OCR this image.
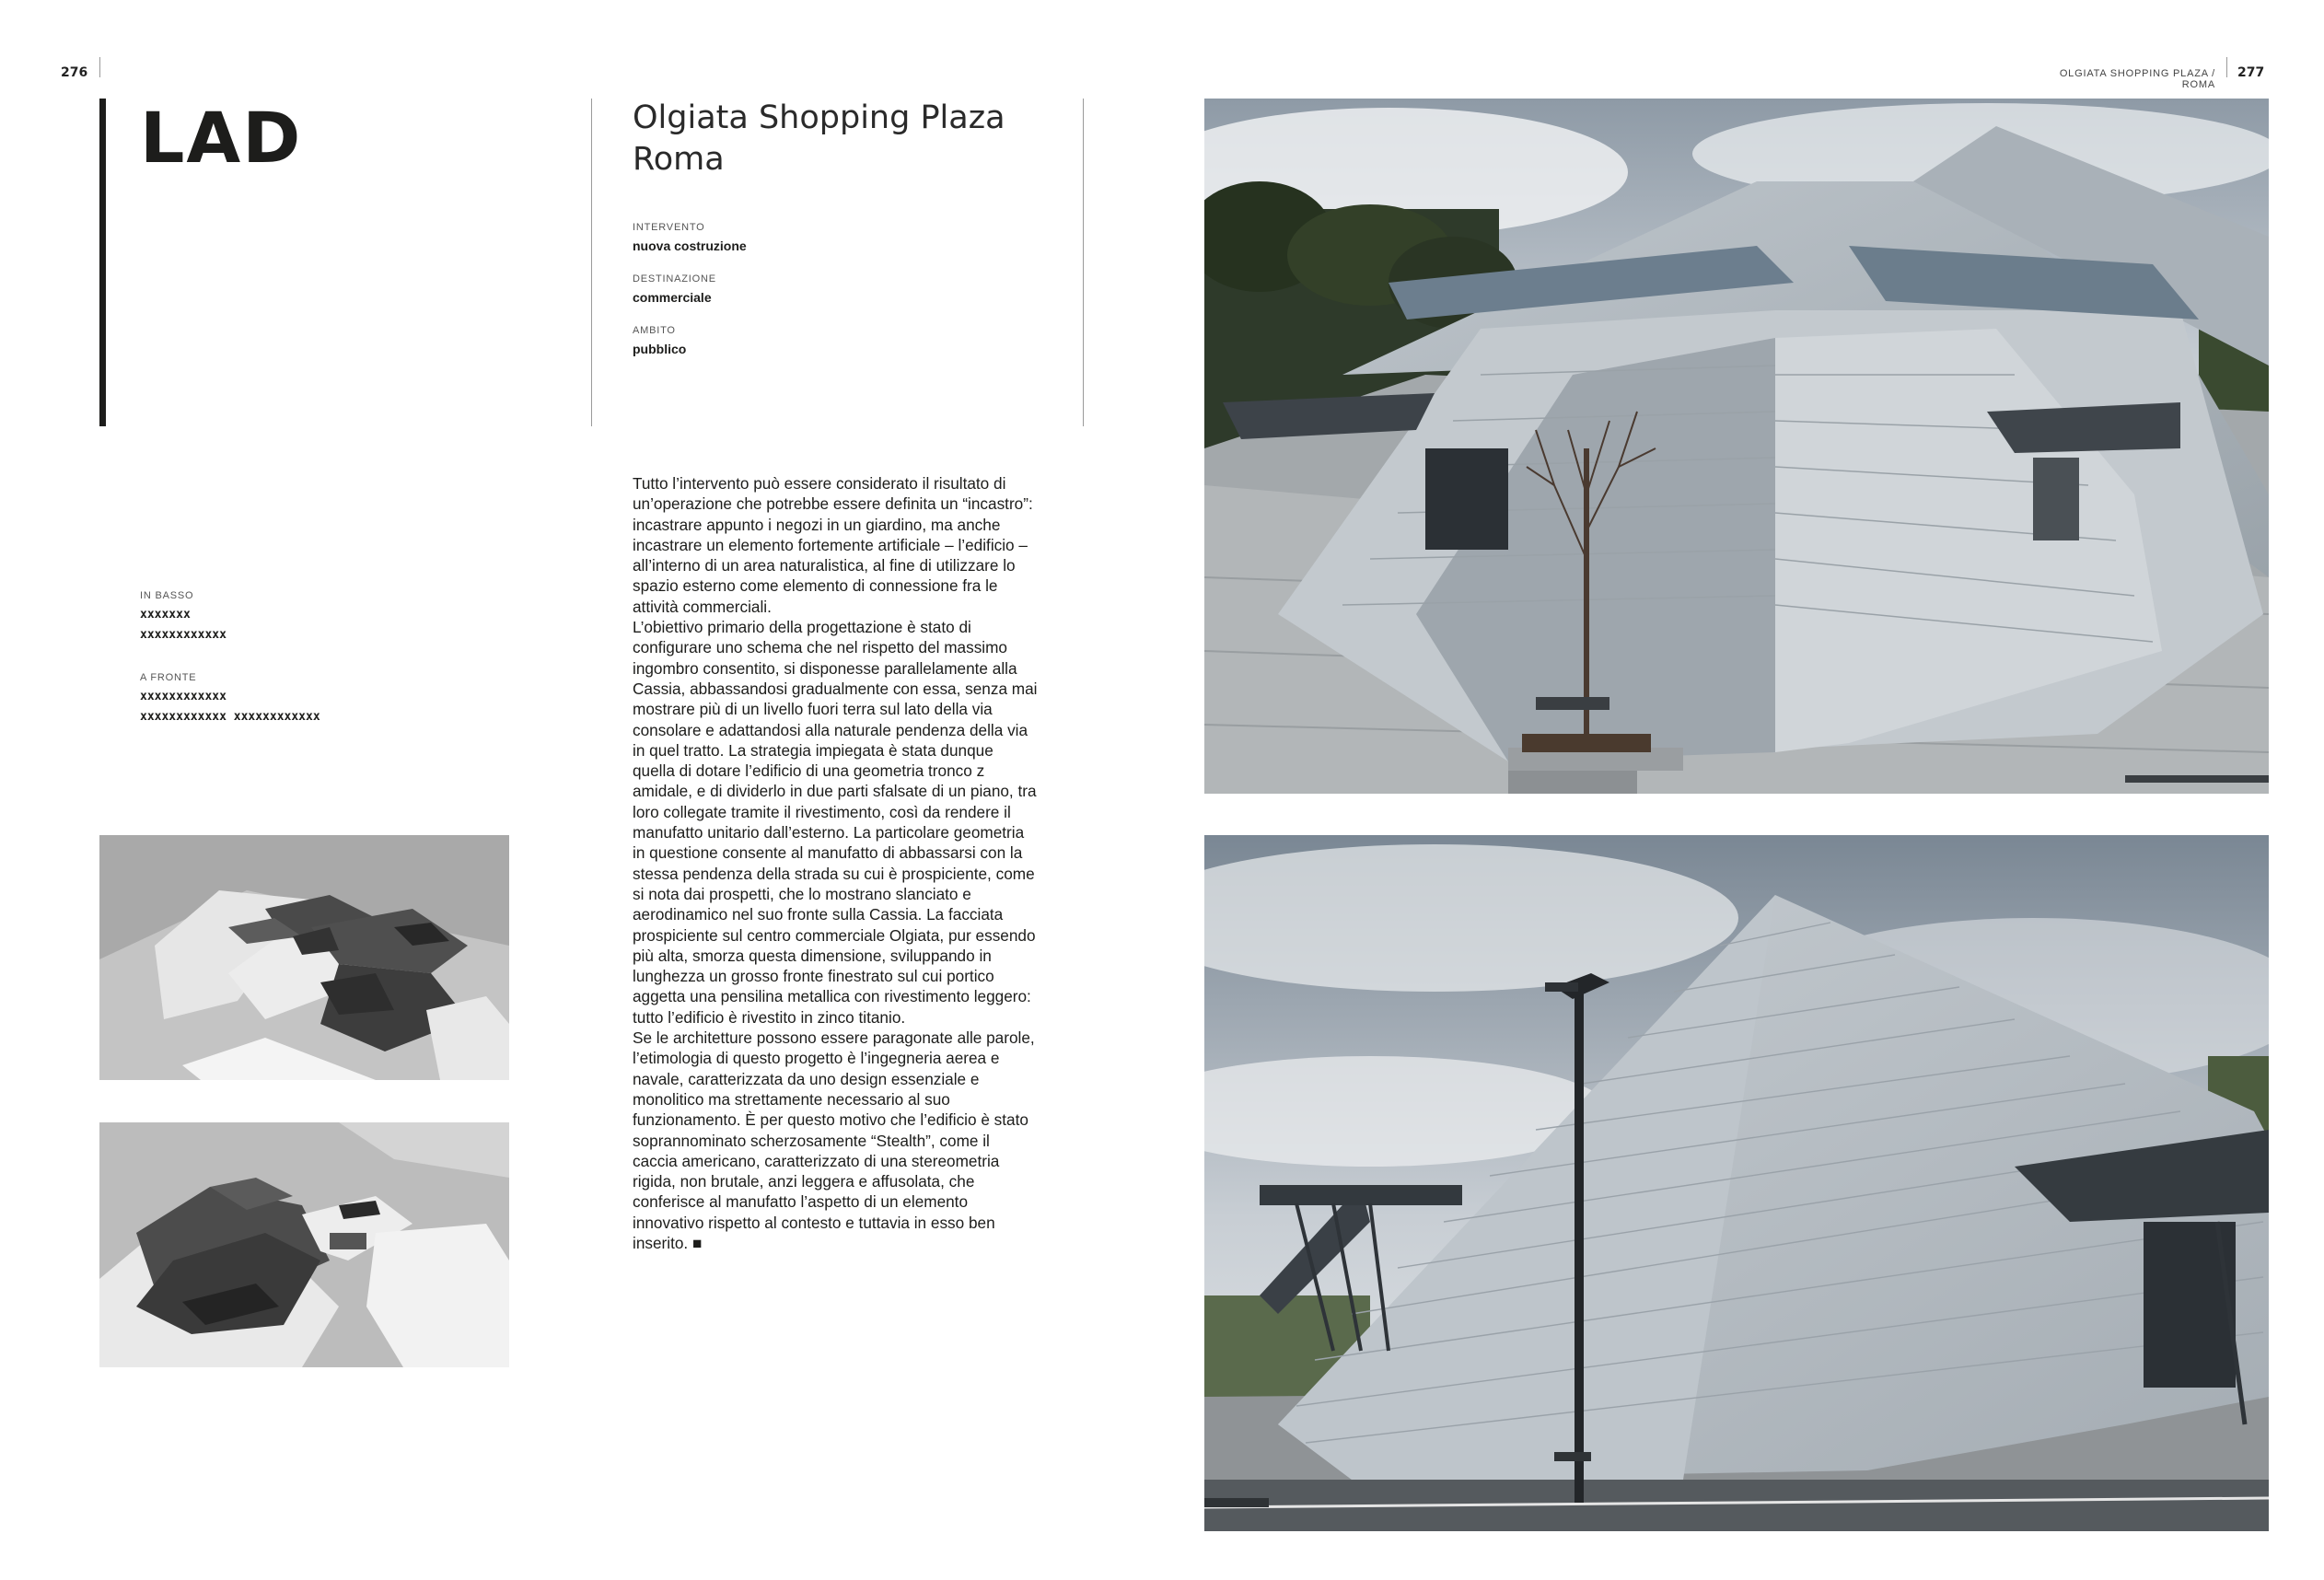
276
LAD	Olgiata Shopping Plaza
Roma
INTERVENTO
nuova costruzione
DESTINAZIONE
commerciale
AMBITO
pubblico
IN BASSO
xxxxxxx
xxxxxxxxxxxx
A FRONTE
xxxxxxxxxxxx
xxxxxxxxxxxx xxxxxxxxxxxx

Tutto l’intervento può essere considerato il risultato di un’operazione che potrebbe essere definita un “incastro”: incastrare appunto i negozi in un giardino, ma anche incastrare un elemento fortemente artificiale – l’edificio – all’interno di un area naturalistica, al fine di utilizzare lo spazio esterno come elemento di connessione fra le attività commerciali.

L’obiettivo primario della progettazione è stato di configurare uno schema che nel rispetto del massimo ingombro consentito, si disponesse parallelamente alla Cassia, abbassandosi gradualmente con essa, senza mai mostrare più di un livello fuori terra sul lato della via consolare e adattandosi alla naturale pendenza della via in quel tratto. La strategia impiegata è stata dunque quella di dotare l’edificio di una geometria tronco z amidale, e di dividerlo in due parti sfalsate di un piano, tra loro collegate tramite il rivestimento, così da rendere il manufatto unitario dall’esterno. La particolare geometria in questione consente al manufatto di abbassarsi con la stessa pendenza della strada su cui è prospiciente, come si nota dai prospetti, che lo mostrano slanciato e aerodinamico nel suo fronte sulla Cassia. La facciata prospiciente sul centro commerciale Olgiata, pur essendo più alta, smorza questa dimensione, sviluppando in lunghezza un grosso fronte finestrato sul cui portico aggetta una pensilina metallica con rivestimento leggero: tutto l’edificio è rivestito in zinco titanio.

Se le architetture possono essere paragonate alle parole, l’etimologia di questo progetto è l’ingegneria aerea e navale, caratterizzata da uno design essenziale e monolitico ma strettamente necessario al suo funzionamento. È per questo motivo che l’edificio è stato soprannominato scherzosamente “Stealth”, come il caccia americano, caratterizzato di una stereometria rigida, non brutale, anzi leggera e affusolata, che conferisce al manufatto l’aspetto di un elemento innovativo rispetto al contesto e tuttavia in esso ben inserito. ■

OLGIATA SHOPPING PLAZA / ROMA
277
